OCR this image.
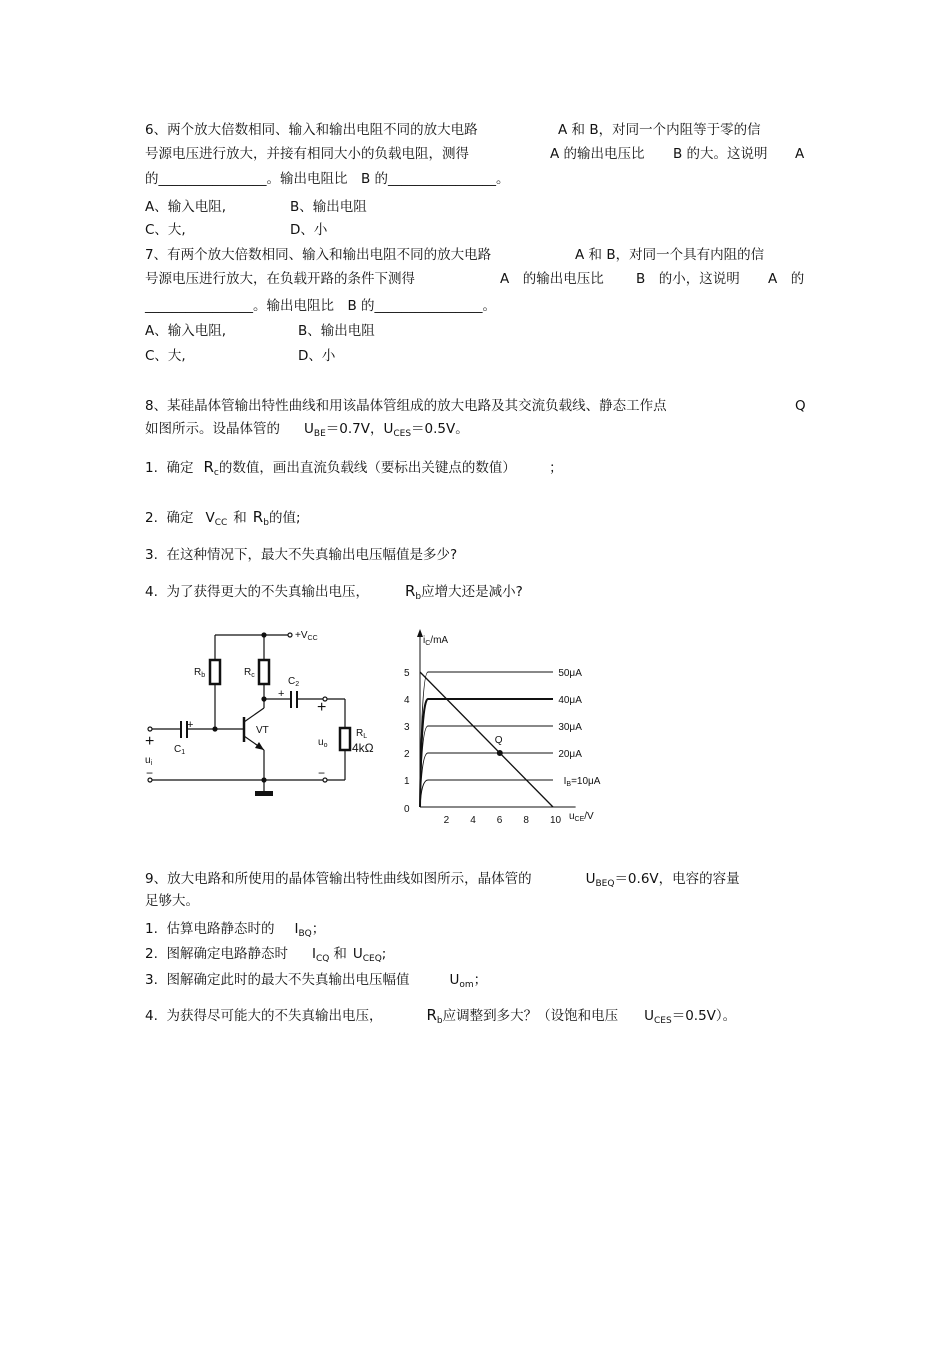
6、两个放大倍数相同、输入和输出电阻不同的放大电路	A 和 B，对同一个内阻等于零的信
号源电压进行放大，并接有相同大小的负载电阻，测得	A 的输出电压比 B 的大。这说明 A
的________________。输出电阻比　B 的________________。
A、输入电阻,	B、输出电阻
C、大,	D、小
7、有两个放大倍数相同、输入和输出电阻不同的放大电路	A 和 B，对同一个具有内阻的信
号源电压进行放大，在负载开路的条件下测得	A　的输出电压比 B　的小，这说明 A　的
________________。输出电阻比　B 的________________。
A、输入电阻,	B、输出电阻
C、大,	D、小
8、某硅晶体管输出特性曲线和用该晶体管组成的放大电路及其交流负载线、静态工作点	Q
如图所示。设晶体管的 $U_{BE}=0.7V$，$U_{CES}=0.5V$。
1.  确定 $R_c$的数值，画出直流负载线（要标出关键点的数值）	；
2.  确定 $V_{CC}$ 和 $R_b$的值;
3.  在这种情况下，最大不失真输出电压幅值是多少?
4.  为了获得更大的不失真输出电压， $R_b$应增大还是减小?
+
+
$+V_{CC}$
$R_b$	$R_c$
$C_2$
$C_1$
VT
+
$u_i$
−
+
$u_o$
−
$R_L$
4kΩ
$i_C/mA$
$u_{CE}/V$
0
2 4 6 8 10
1
2
3
4
5
$I_B=10\mu A$
20μA
30μA
40μA
50μA
Q
9、放大电路和所使用的晶体管输出特性曲线如图所示，晶体管的	$U_{BEQ}=0.6V$，电容的容量
足够大。
1.  估算电路静态时的 $I_{BQ}$；
2.  图解确定电路静态时 $I_{CQ}$ 和 $U_{CEQ}$;
3.  图解确定此时的最大不失真输出电压幅值	$U_{om}$；
4.  为获得尽可能大的不失真输出电压，	$R_b$应调整到多大？（设饱和电压 $U_{CES}=0.5V$）。
